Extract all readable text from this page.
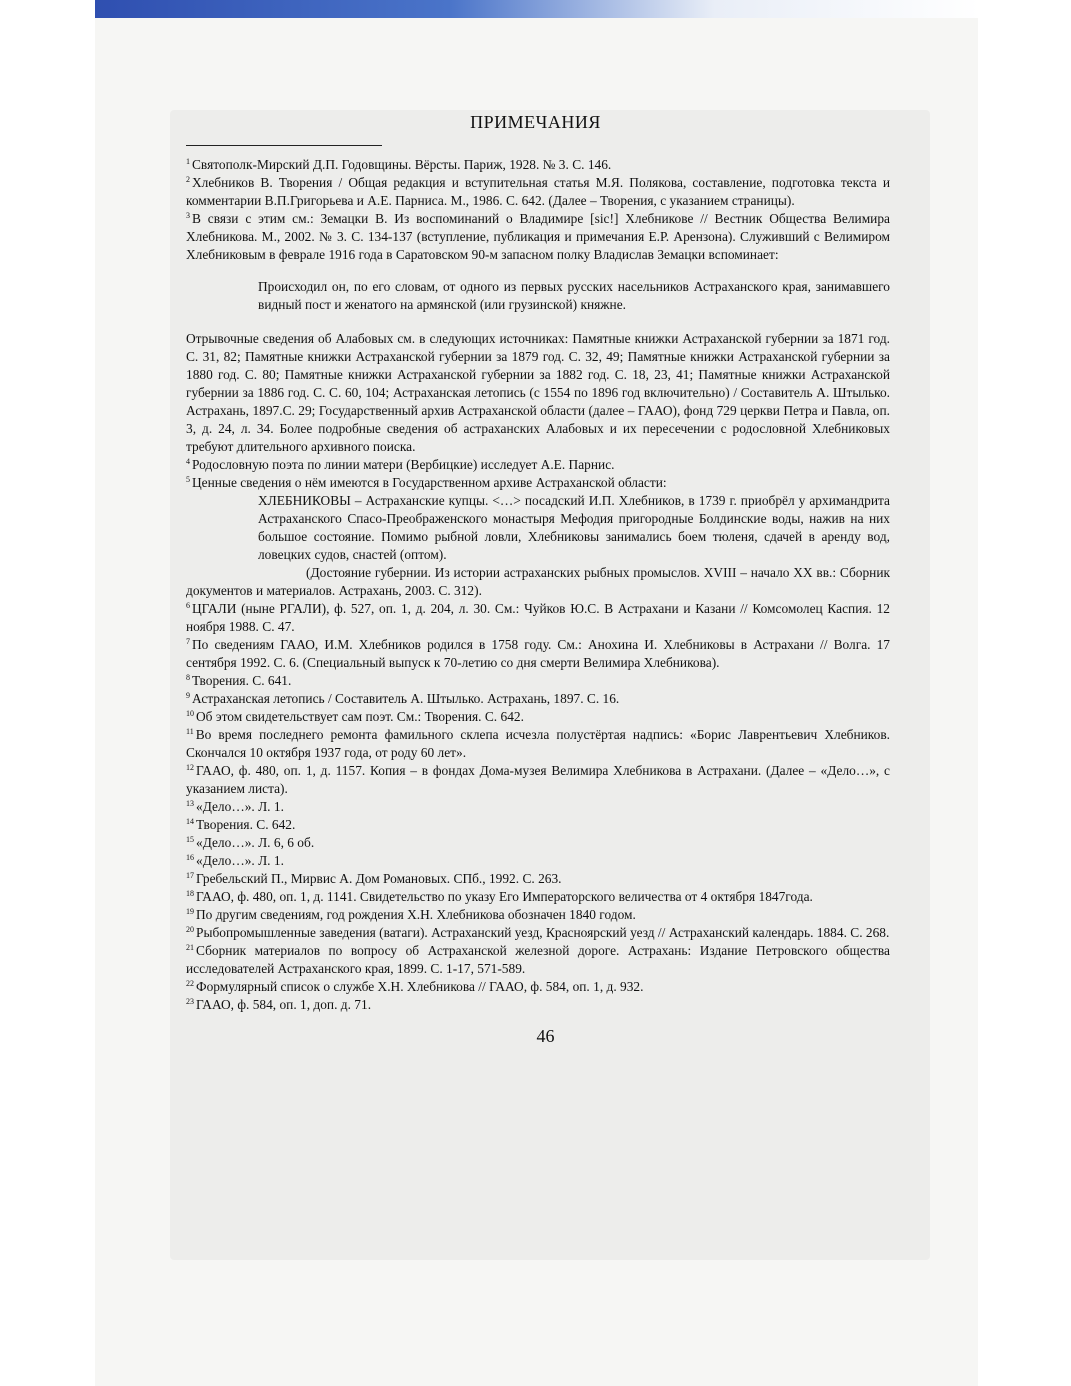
ПРИМЕЧАНИЯ

$^1$ Святополк-Мирский Д.П. Годовщины. Вёрсты. Париж, 1928. № 3. С. 146.

$^2$ Хлебников В. Творения / Общая редакция и вступительная статья М.Я. Полякова, составление, подготовка текста и комментарии В.П.Григорьева и А.Е. Парниса. М., 1986. С. 642. (Далее – Творения, с указанием страницы).

$^3$ В связи с этим см.: Земацки В. Из воспоминаний о Владимире [sic!] Хлебникове // Вестник Общества Велимира Хлебникова. М., 2002. № 3. С. 134-137 (вступление, публикация и примечания Е.Р. Арензона). Служивший с Велимиром Хлебниковым в феврале 1916 года в Саратовском 90-м запасном полку Владислав Земацки вспоминает:

Происходил он, по его словам, от одного из первых русских насельников Астраханского края, занимавшего видный пост и женатого на армянской (или грузинской) княжне.

Отрывочные сведения об Алабовых см. в следующих источниках: Памятные книжки Астраханской губернии за 1871 год. С. 31, 82; Памятные книжки Астраханской губернии за 1879 год. С. 32, 49; Памятные книжки Астраханской губернии за 1880 год. С. 80; Памятные книжки Астраханской губернии за 1882 год. С. 18, 23, 41; Памятные книжки Астраханской губернии за 1886 год. С. С. 60, 104; Астраханская летопись (с 1554 по 1896 год включительно) / Составитель А. Штылько. Астрахань, 1897.С. 29; Государственный архив Астраханской области (далее – ГААО), фонд 729 церкви Петра и Павла, оп. 3, д. 24, л. 34. Более подробные сведения об астраханских Алабовых и их пересечении с родословной Хлебниковых требуют длительного архивного поиска.

$^4$ Родословную поэта по линии матери (Вербицкие) исследует А.Е. Парнис.

$^5$ Ценные сведения о нём имеются в Государственном архиве Астраханской области:

ХЛЕБНИКОВЫ – Астраханские купцы. <…> посадский И.П. Хлебников, в 1739 г. приобрёл у архимандрита Астраханского Спасо-Преображенского монастыря Мефодия пригородные Болдинские воды, нажив на них большое состояние. Помимо рыбной ловли, Хлебниковы занимались боем тюленя, сдачей в аренду вод, ловецких судов, снастей (оптом).

(Достояние губернии. Из истории астраханских рыбных промыслов. XVIII – начало XX вв.: Сборник документов и материалов. Астрахань, 2003. С. 312).

$^6$ ЦГАЛИ (ныне РГАЛИ), ф. 527, оп. 1, д. 204, л. 30. См.: Чуйков Ю.С. В Астрахани и Казани // Комсомолец Каспия. 12 ноября 1988. С. 47.

$^7$ По сведениям ГААО, И.М. Хлебников родился в 1758 году. См.: Анохина И. Хлебниковы в Астрахани // Волга. 17 сентября 1992. С. 6. (Специальный выпуск к 70-летию со дня смерти Велимира Хлебникова).

$^8$ Творения. С. 641.

$^9$ Астраханская летопись / Составитель А. Штылько. Астрахань, 1897. С. 16.

$^{10}$ Об этом свидетельствует сам поэт. См.: Творения. С. 642.

$^{11}$ Во время последнего ремонта фамильного склепа исчезла полустёртая надпись: «Борис Лаврентьевич Хлебников. Скончался 10 октября 1937 года, от роду 60 лет».

$^{12}$ ГААО, ф. 480, оп. 1, д. 1157. Копия – в фондах Дома-музея Велимира Хлебникова в Астрахани. (Далее – «Дело…», с указанием листа).

$^{13}$ «Дело…». Л. 1.

$^{14}$ Творения. С. 642.

$^{15}$ «Дело…». Л. 6, 6 об.

$^{16}$ «Дело…». Л. 1.

$^{17}$ Гребельский П., Мирвис А. Дом Романовых. СПб., 1992. С. 263.

$^{18}$ ГААО, ф. 480, оп. 1, д. 1141. Свидетельство по указу Его Императорского величества от 4 октября 1847года.

$^{19}$ По другим сведениям, год рождения Х.Н. Хлебникова обозначен 1840 годом.

$^{20}$ Рыбопромышленные заведения (ватаги). Астраханский уезд, Красноярский уезд // Астраханский календарь. 1884. С. 268.

$^{21}$ Сборник материалов по вопросу об Астраханской железной дороге. Астрахань: Издание Петровского общества исследователей Астраханского края, 1899. С. 1-17, 571-589.

$^{22}$ Формулярный список о службе Х.Н. Хлебникова // ГААО, ф. 584, оп. 1, д. 932.

$^{23}$ ГААО, ф. 584, оп. 1, доп. д. 71.

46
